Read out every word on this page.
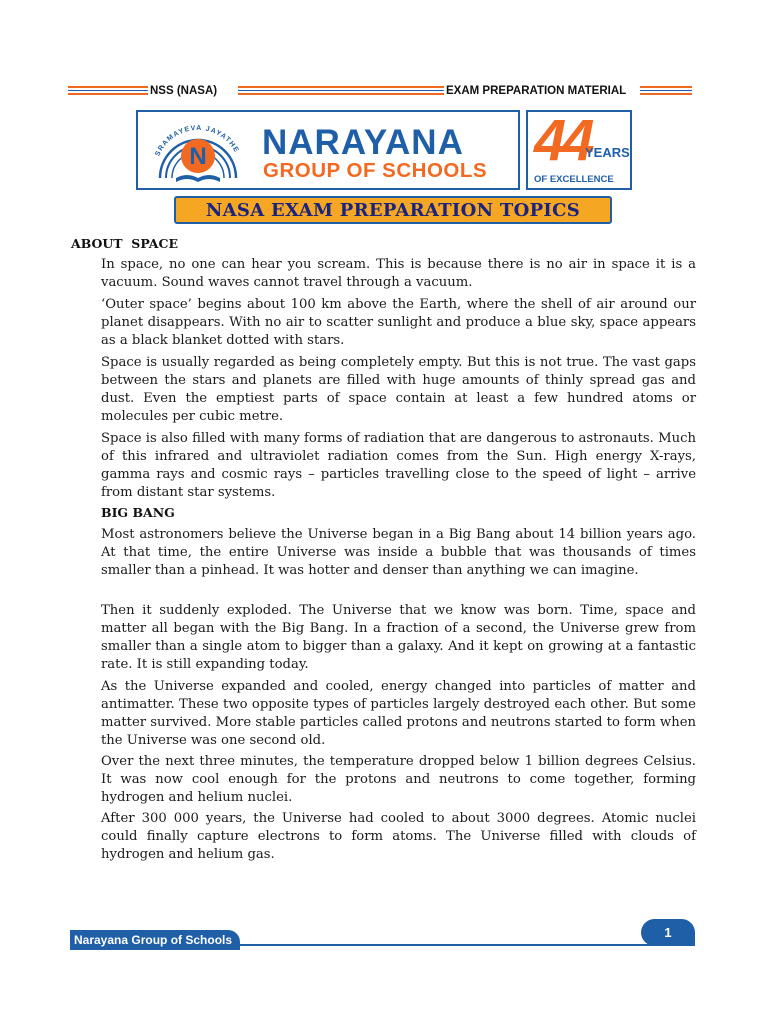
NSS (NASA)	EXAM PREPARATION MATERIAL
SRAMAYEVA JAYATHE
N NARAYANA
GROUP OF SCHOOLS 44
YEARS
OF EXCELLENCE
NASA EXAM PREPARATION TOPICS
ABOUT  SPACE

In space, no one can hear you scream. This is because there is no air in space it is a vacuum. Sound waves cannot travel through a vacuum.

‘Outer space’ begins about 100 km above the Earth, where the shell of air around our planet disappears. With no air to scatter sunlight and produce a blue sky, space appears as a black blanket dotted with stars.

Space is usually regarded as being completely empty. But this is not true. The vast gaps between the stars and planets are filled with huge amounts of thinly spread gas and dust. Even the emptiest parts of space contain at least a few hundred atoms or molecules per cubic metre.

Space is also filled with many forms of radiation that are dangerous to astronauts. Much of this infrared and ultraviolet radiation comes from the Sun. High energy X-rays, gamma rays and cosmic rays – particles travelling close to the speed of light – arrive from distant star systems.

BIG BANG

Most astronomers believe the Universe began in a Big Bang about 14 billion years ago. At that time, the entire Universe was inside a bubble that was thousands of times smaller than a pinhead. It was hotter and denser than anything we can imagine.

Then it suddenly exploded. The Universe that we know was born. Time, space and matter all began with the Big Bang. In a fraction of a second, the Universe grew from smaller than a single atom to bigger than a galaxy. And it kept on growing at a fantastic rate. It is still expanding today.

As the Universe expanded and cooled, energy changed into particles of matter and antimatter. These two opposite types of particles largely destroyed each other. But some matter survived. More stable particles called protons and neutrons started to form when the Universe was one second old.

Over the next three minutes, the temperature dropped below 1 billion degrees Celsius. It was now cool enough for the protons and neutrons to come together, forming hydrogen and helium nuclei.

After 300 000 years, the Universe had cooled to about 3000 degrees. Atomic nuclei could finally capture electrons to form atoms. The Universe filled with clouds of hydrogen and helium gas.

Narayana Group of Schools	1
